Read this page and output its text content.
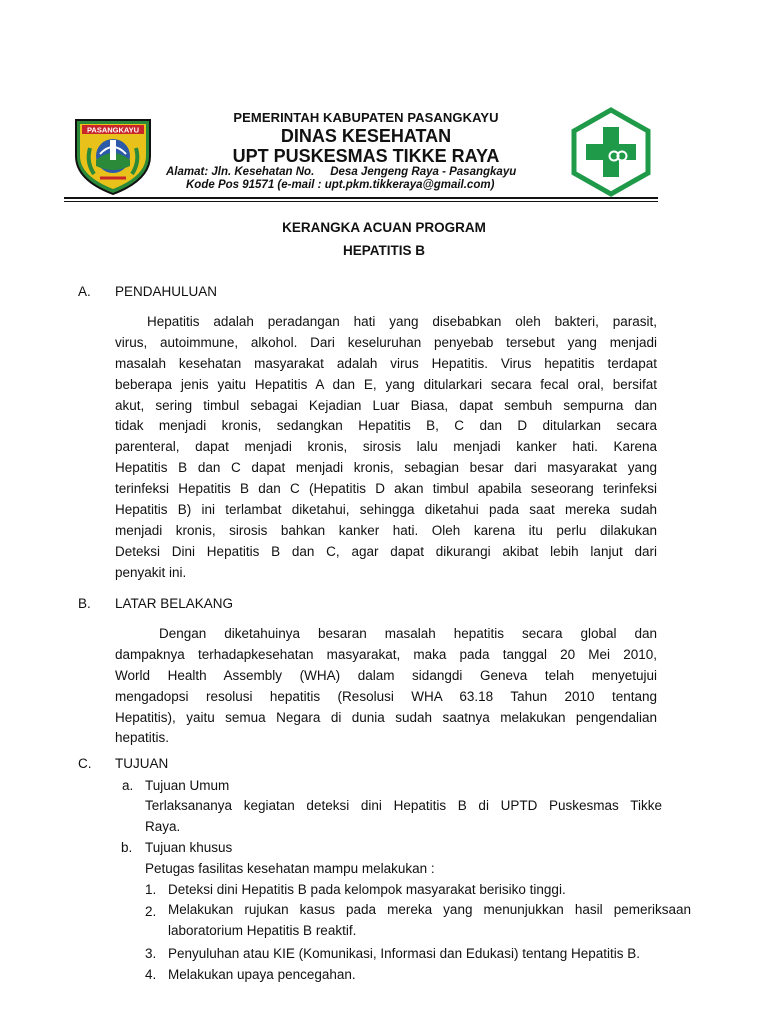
PASANGKAYU
PEMERINTAH KABUPATEN PASANGKAYU
DINAS KESEHATAN
UPT PUSKESMAS TIKKE RAYA
Alamat: Jln. Kesehatan No.     Desa Jengeng Raya - Pasangkayu
Kode Pos 91571 (e-mail : upt.pkm.tikkeraya@gmail.com)
KERANGKA ACUAN PROGRAM
HEPATITIS B
A. PENDAHULUAN
Hepatitis adalah peradangan hati yang disebabkan oleh bakteri, parasit,
virus, autoimmune, alkohol. Dari keseluruhan penyebab tersebut yang menjadi
masalah kesehatan masyarakat adalah virus Hepatitis. Virus hepatitis terdapat
beberapa jenis yaitu Hepatitis A dan E, yang ditularkari secara fecal oral, bersifat
akut, sering timbul sebagai Kejadian Luar Biasa, dapat sembuh sempurna dan
tidak menjadi kronis, sedangkan Hepatitis B, C dan D ditularkan secara
parenteral, dapat menjadi kronis, sirosis lalu menjadi kanker hati. Karena
Hepatitis B dan C dapat menjadi kronis, sebagian besar dari masyarakat yang
terinfeksi Hepatitis B dan C (Hepatitis D akan timbul apabila seseorang terinfeksi
Hepatitis B) ini terlambat diketahui, sehingga diketahui pada saat mereka sudah
menjadi kronis, sirosis bahkan kanker hati. Oleh karena itu perlu dilakukan
Deteksi Dini Hepatitis B dan C, agar dapat dikurangi akibat lebih lanjut dari
penyakit ini.
B. LATAR BELAKANG
Dengan diketahuinya besaran masalah hepatitis secara global dan
dampaknya terhadapkesehatan masyarakat, maka pada tanggal 20 Mei 2010,
World Health Assembly (WHA) dalam sidangdi Geneva telah menyetujui
mengadopsi resolusi hepatitis (Resolusi WHA 63.18 Tahun 2010 tentang
Hepatitis), yaitu semua Negara di dunia sudah saatnya melakukan pengendalian
hepatitis.
C. TUJUAN
a. Tujuan Umum
Terlaksananya kegiatan deteksi dini Hepatitis B di UPTD Puskesmas Tikke
Raya.
b. Tujuan khusus
Petugas fasilitas kesehatan mampu melakukan :
1. Deteksi dini Hepatitis B pada kelompok masyarakat berisiko tinggi.
2. Melakukan rujukan kasus pada mereka yang menunjukkan hasil pemeriksaan
laboratorium Hepatitis B reaktif.
3. Penyuluhan atau KIE (Komunikasi, Informasi dan Edukasi) tentang Hepatitis B.
4. Melakukan upaya pencegahan.
